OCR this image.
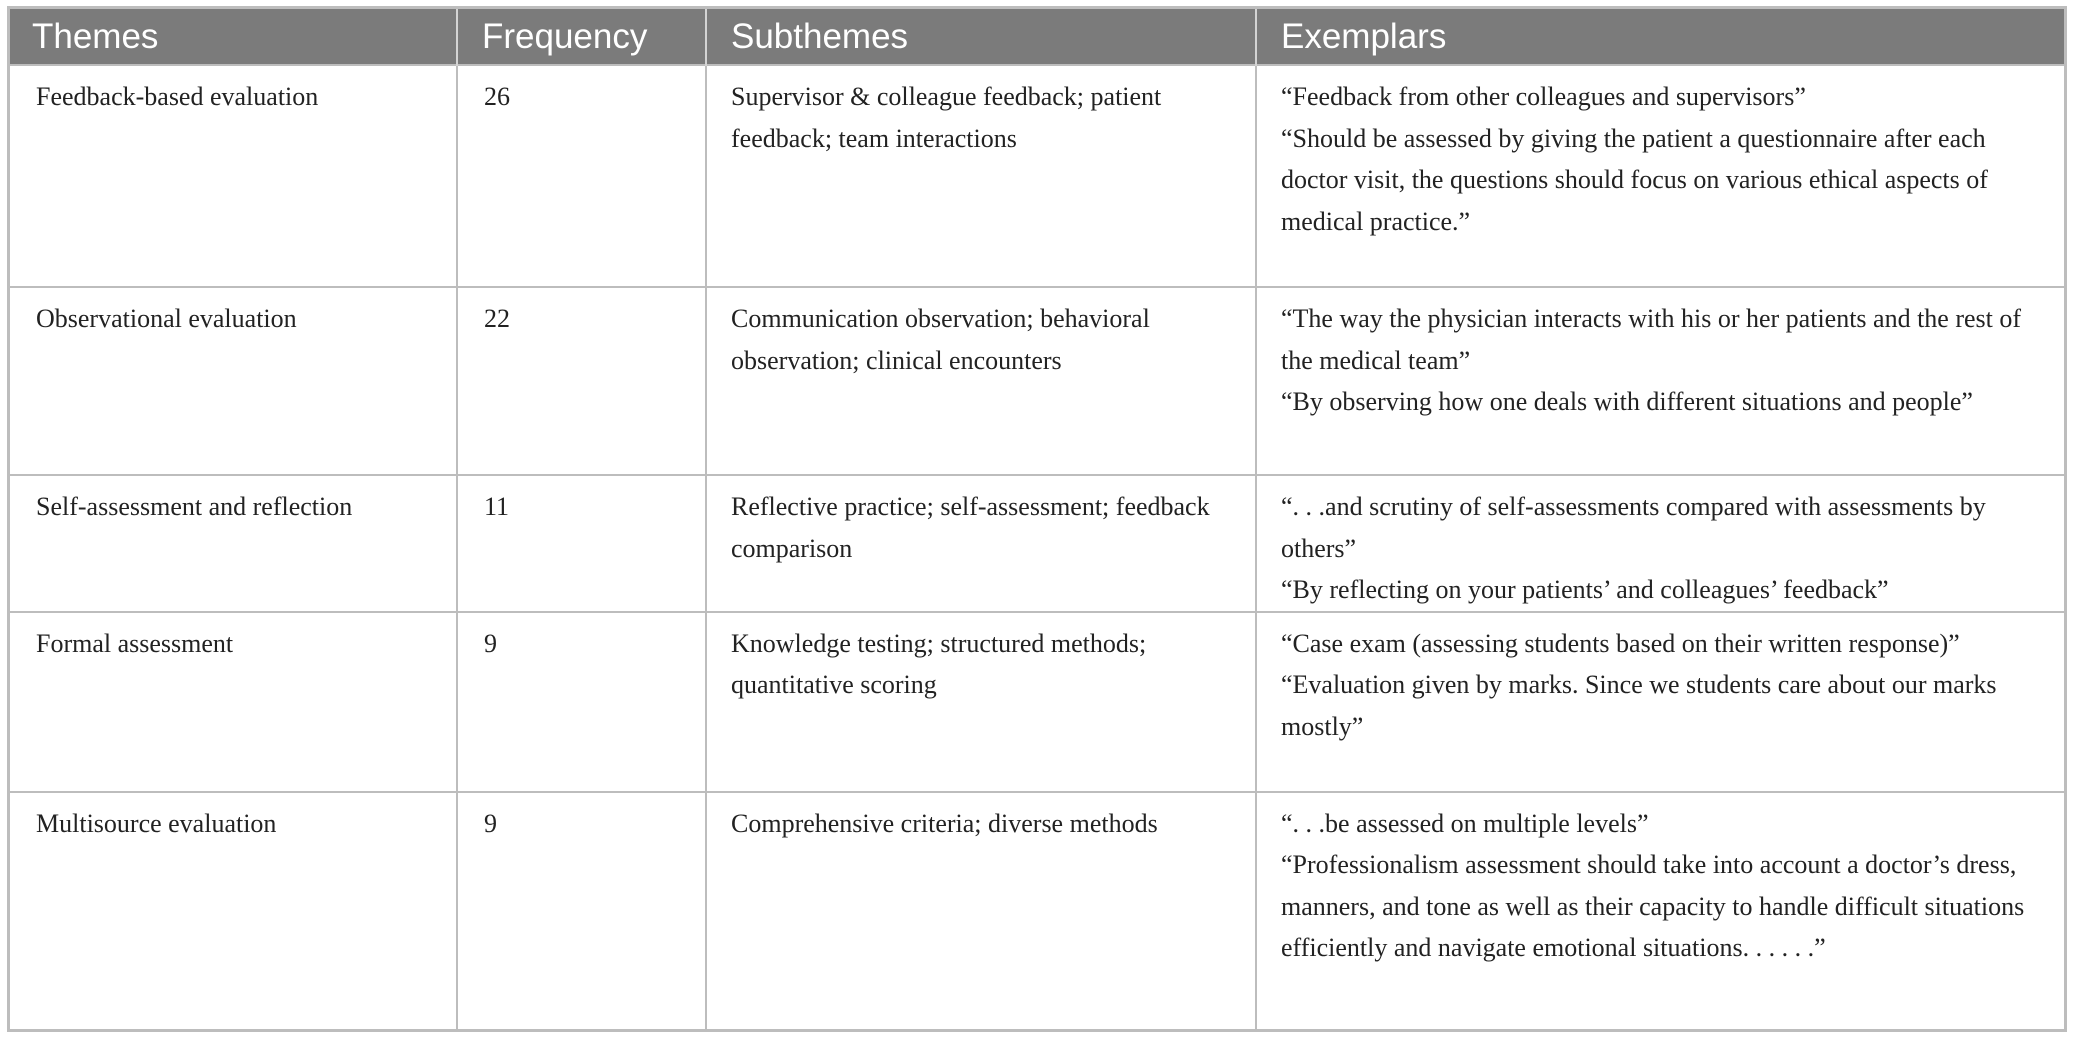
Themes	Frequency	Subthemes	Exemplars
Feedback-based evaluation	26	Supervisor & colleague feedback; patient feedback; team interactions	“Feedback from other colleagues and supervisors”
“Should be assessed by giving the patient a questionnaire after each doctor visit, the questions should focus on various ethical aspects of medical practice.”

Observational evaluation	22	Communication observation; behavioral observation; clinical encounters	“The way the physician interacts with his or her patients and the rest of the medical team”
“By observing how one deals with different situations and people”

Self-assessment and reflection	11	Reflective practice; self-assessment; feedback comparison	“. . .and scrutiny of self-assessments compared with assessments by others”
“By reflecting on your patients’ and colleagues’ feedback”

Formal assessment	9	Knowledge testing; structured methods; quantitative scoring	“Case exam (assessing students based on their written response)”
“Evaluation given by marks. Since we students care about our marks mostly”

Multisource evaluation	9	Comprehensive criteria; diverse methods	“. . .be assessed on multiple levels”
“Professionalism assessment should take into account a doctor’s dress, manners, and tone as well as their capacity to handle difficult situations efficiently and navigate emotional situations. . . . . .”
